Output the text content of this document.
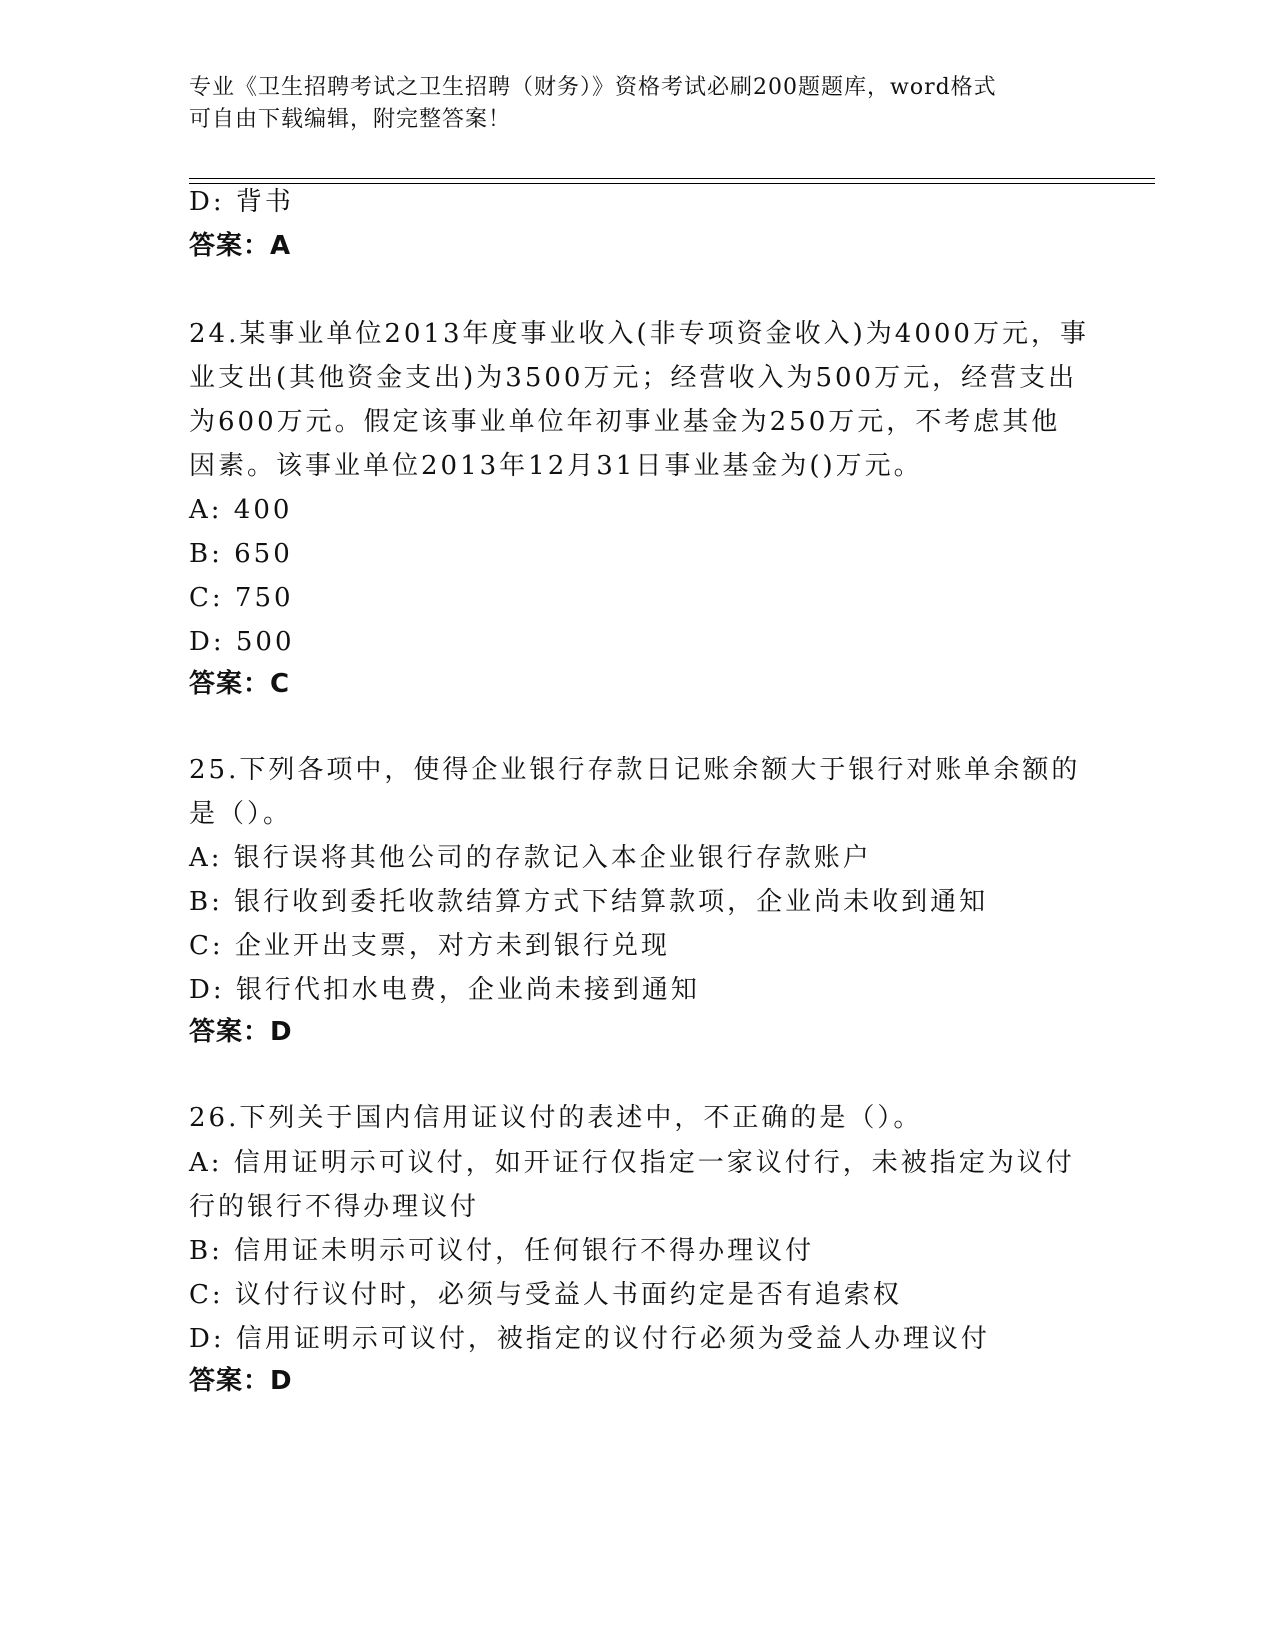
专业《卫生招聘考试之卫生招聘（财务）》资格考试必刷200题题库，word格式
可自由下载编辑，附完整答案！
D: 背书
答案：A
24.某事业单位2013年度事业收入(非专项资金收入)为4000万元，事
业支出(其他资金支出)为3500万元；经营收入为500万元，经营支出
为600万元。假定该事业单位年初事业基金为250万元，不考虑其他
因素。该事业单位2013年12月31日事业基金为()万元。
A: 400
B: 650
C: 750
D: 500
答案：C
25.下列各项中，使得企业银行存款日记账余额大于银行对账单余额的
是（）。
A: 银行误将其他公司的存款记入本企业银行存款账户
B: 银行收到委托收款结算方式下结算款项，企业尚未收到通知
C: 企业开出支票，对方未到银行兑现
D: 银行代扣水电费，企业尚未接到通知
答案：D
26.下列关于国内信用证议付的表述中，不正确的是（）。
A: 信用证明示可议付，如开证行仅指定一家议付行，未被指定为议付
行的银行不得办理议付
B: 信用证未明示可议付，任何银行不得办理议付
C: 议付行议付时，必须与受益人书面约定是否有追索权
D: 信用证明示可议付，被指定的议付行必须为受益人办理议付
答案：D
